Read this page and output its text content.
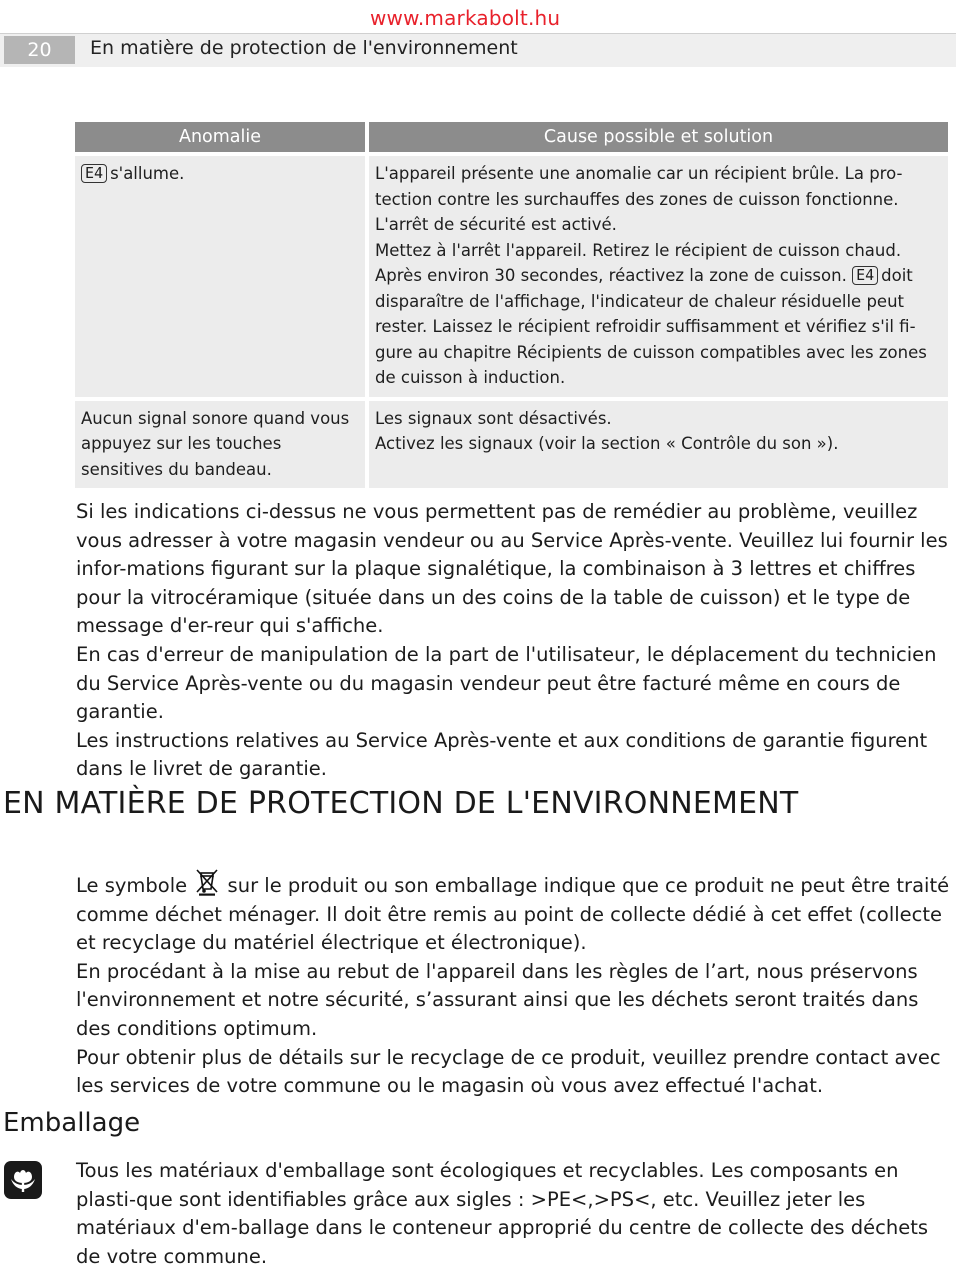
www.markabolt.hu
20	En matière de protection de l'environnement
Anomalie	Cause possible et solution
E4 s'allume.	L'appareil présente une anomalie car un récipient brûle. La pro-tection contre les surchauffes des zones de cuisson fonctionne. L'arrêt de sécurité est activé.
Mettez à l'arrêt l'appareil. Retirez le récipient de cuisson chaud.
Après environ 30 secondes, réactivez la zone de cuisson. E4 doit disparaître de l'affichage, l'indicateur de chaleur résiduelle peut rester. Laissez le récipient refroidir suffisamment et vérifiez s'il fi-gure au chapitre Récipients de cuisson compatibles avec les zones de cuisson à induction.

Aucun signal sonore quand vous appuyez sur les touches sensitives du bandeau.	Les signaux sont désactivés.
Activez les signaux (voir la section « Contrôle du son »).

Si les indications ci-dessus ne vous permettent pas de remédier au problème, veuillez vous adresser à votre magasin vendeur ou au Service Après-vente. Veuillez lui fournir les infor-mations figurant sur la plaque signalétique, la combinaison à 3 lettres et chiffres pour la vitrocéramique (située dans un des coins de la table de cuisson) et le type de message d'er-reur qui s'affiche.

En cas d'erreur de manipulation de la part de l'utilisateur, le déplacement du technicien du Service Après-vente ou du magasin vendeur peut être facturé même en cours de garantie.

Les instructions relatives au Service Après-vente et aux conditions de garantie figurent dans le livret de garantie.

EN MATIÈRE DE PROTECTION DE L'ENVIRONNEMENT

Le symbole sur le produit ou son emballage indique que ce produit ne peut être traité comme déchet ménager. Il doit être remis au point de collecte dédié à cet effet (collecte et recyclage du matériel électrique et électronique).

En procédant à la mise au rebut de l'appareil dans les règles de l’art, nous préservons l'environnement et notre sécurité, s’assurant ainsi que les déchets seront traités dans des conditions optimum.

Pour obtenir plus de détails sur le recyclage de ce produit, veuillez prendre contact avec les services de votre commune ou le magasin où vous avez effectué l'achat.

Emballage

Tous les matériaux d'emballage sont écologiques et recyclables. Les composants en plasti-que sont identifiables grâce aux sigles : >PE<,>PS<, etc. Veuillez jeter les matériaux d'em-ballage dans le conteneur approprié du centre de collecte des déchets de votre commune.
